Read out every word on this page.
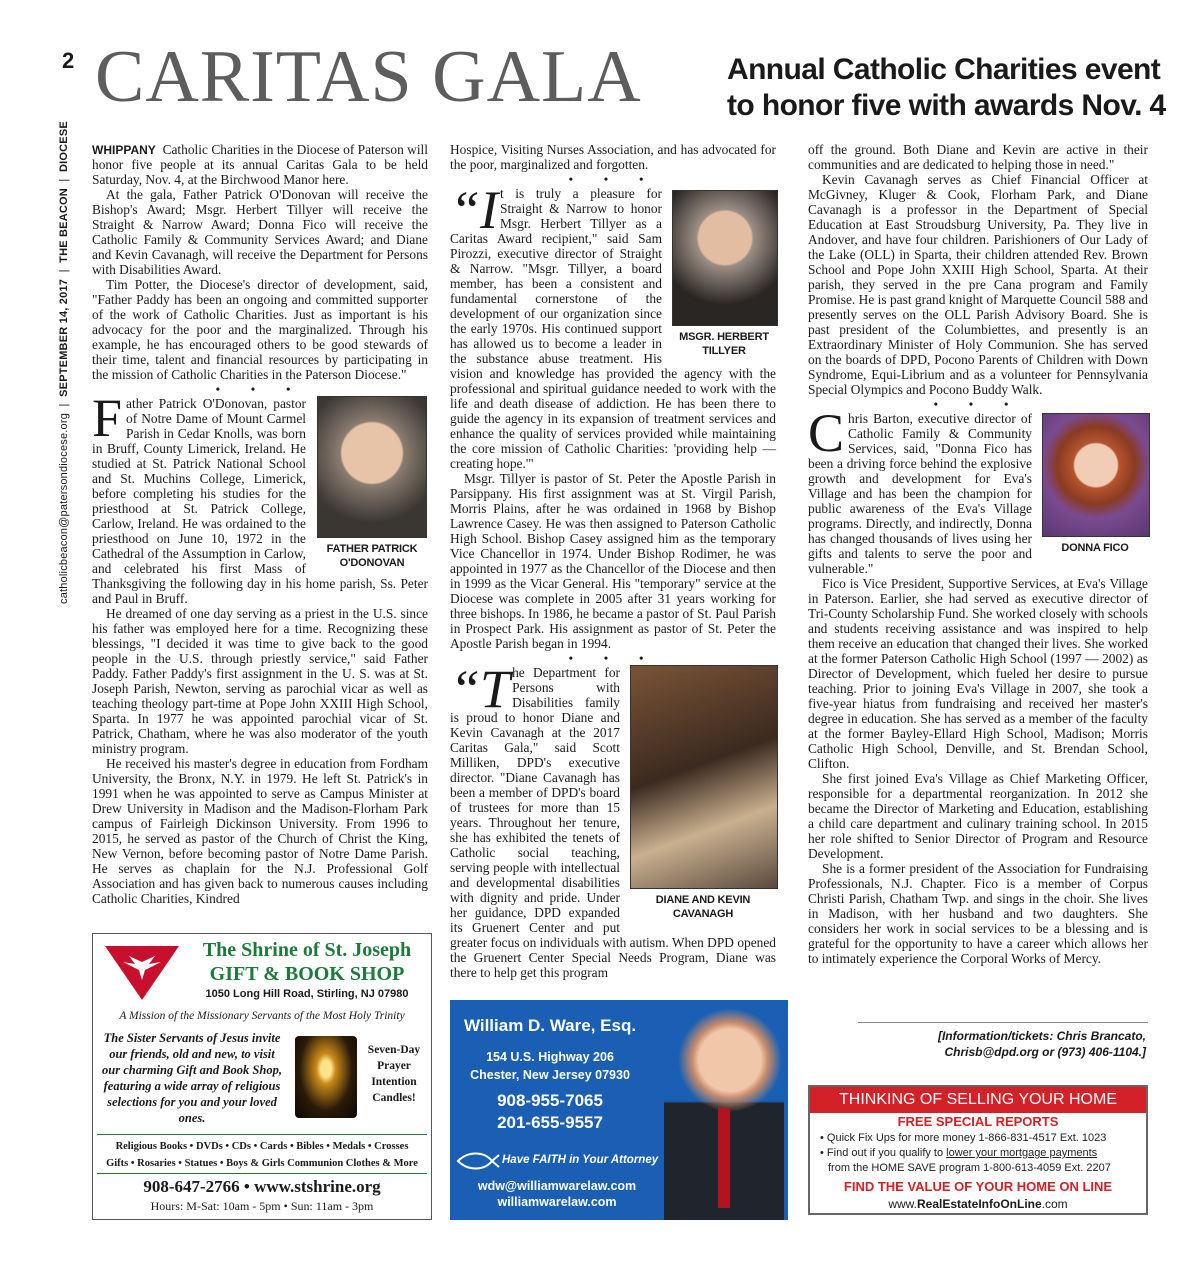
2
catholicbeacon@patersondiocese.org  |  SEPTEMBER 14, 2017  |  THE BEACON  |  DIOCESE
CARITAS GALA	Annual Catholic Charities event to honor five with awards Nov. 4

WHIPPANY Catholic Charities in the Diocese of Paterson will honor five people at its annual Caritas Gala to be held Saturday, Nov. 4, at the Birchwood Manor here.

At the gala, Father Patrick O'Donovan will receive the Bishop's Award; Msgr. Herbert Tillyer will receive the Straight & Narrow Award; Donna Fico will receive the Catholic Family & Community Services Award; and Diane and Kevin Cavanagh, will receive the Department for Persons with Disabilities Award.

Tim Potter, the Diocese's director of development, said, "Father Paddy has been an ongoing and committed supporter of the work of Catholic Charities. Just as important is his advocacy for the poor and the marginalized. Through his example, he has encouraged others to be good stewards of their time, talent and financial resources by participating in the mission of Catholic Charities in the Paterson Diocese."

• • •
FATHER PATRICK O'DONOVAN

Father Patrick O'Donovan, pastor of Notre Dame of Mount Carmel Parish in Cedar Knolls, was born in Bruff, County Limerick, Ireland. He studied at St. Patrick National School and St. Muchins College, Limerick, before completing his studies for the priesthood at St. Patrick College, Carlow, Ireland. He was ordained to the priesthood on June 10, 1972 in the Cathedral of the Assumption in Carlow, and celebrated his first Mass of Thanksgiving the following day in his home parish, Ss. Peter and Paul in Bruff.

He dreamed of one day serving as a priest in the U.S. since his father was employed here for a time. Recognizing these blessings, "I decided it was time to give back to the good people in the U.S. through priestly service," said Father Paddy. Father Paddy's first assignment in the U. S. was at St. Joseph Parish, Newton, serving as parochial vicar as well as teaching theology part-time at Pope John XXIII High School, Sparta. In 1977 he was appointed parochial vicar of St. Patrick, Chatham, where he was also moderator of the youth ministry program.

He received his master's degree in education from Fordham University, the Bronx, N.Y. in 1979. He left St. Patrick's in 1991 when he was appointed to serve as Campus Minister at Drew University in Madison and the Madison-Florham Park campus of Fairleigh Dickinson University. From 1996 to 2015, he served as pastor of the Church of Christ the King, New Vernon, before becoming pastor of Notre Dame Parish. He serves as chaplain for the N.J. Professional Golf Association and has given back to numerous causes including Catholic Charities, Kindred

Hospice, Visiting Nurses Association, and has advocated for the poor, marginalized and forgotten.

• • •
MSGR. HERBERT TILLYER

“It is truly a pleasure for Straight & Narrow to honor Msgr. Herbert Tillyer as a Caritas Award recipient," said Sam Pirozzi, executive director of Straight & Narrow. "Msgr. Tillyer, a board member, has been a consistent and fundamental cornerstone of the development of our organization since the early 1970s. His continued support has allowed us to become a leader in the substance abuse treatment. His vision and knowledge has provided the agency with the professional and spiritual guidance needed to work with the life and death disease of addiction. He has been there to guide the agency in its expansion of treatment services and enhance the quality of services provided while maintaining the core mission of Catholic Charities: 'providing help — creating hope.'"

Msgr. Tillyer is pastor of St. Peter the Apostle Parish in Parsippany. His first assignment was at St. Virgil Parish, Morris Plains, after he was ordained in 1968 by Bishop Lawrence Casey. He was then assigned to Paterson Catholic High School. Bishop Casey assigned him as the temporary Vice Chancellor in 1974. Under Bishop Rodimer, he was appointed in 1977 as the Chancellor of the Diocese and then in 1999 as the Vicar General. His "temporary" service at the Diocese was complete in 2005 after 31 years working for three bishops. In 1986, he became a pastor of St. Paul Parish in Prospect Park. His assignment as pastor of St. Peter the Apostle Parish began in 1994.

• • •
DIANE AND KEVIN CAVANAGH

“The Department for Persons with Disabilities family is proud to honor Diane and Kevin Cavanagh at the 2017 Caritas Gala," said Scott Milliken, DPD's executive director. "Diane Cavanagh has been a member of DPD's board of trustees for more than 15 years. Throughout her tenure, she has exhibited the tenets of Catholic social teaching, serving people with intellectual and developmental disabilities with dignity and pride. Under her guidance, DPD expanded its Gruenert Center and put greater focus on individuals with autism. When DPD opened the Gruenert Center Special Needs Program, Diane was there to help get this program

off the ground. Both Diane and Kevin are active in their communities and are dedicated to helping those in need."

Kevin Cavanagh serves as Chief Financial Officer at McGivney, Kluger & Cook, Florham Park, and Diane Cavanagh is a professor in the Department of Special Education at East Stroudsburg University, Pa. They live in Andover, and have four children. Parishioners of Our Lady of the Lake (OLL) in Sparta, their children attended Rev. Brown School and Pope John XXIII High School, Sparta. At their parish, they served in the pre Cana program and Family Promise. He is past grand knight of Marquette Council 588 and presently serves on the OLL Parish Advisory Board. She is past president of the Columbiettes, and presently is an Extraordinary Minister of Holy Communion. She has served on the boards of DPD, Pocono Parents of Children with Down Syndrome, Equi-Librium and as a volunteer for Pennsylvania Special Olympics and Pocono Buddy Walk.

• • •
DONNA FICO

Chris Barton, executive director of Catholic Family & Community Services, said, "Donna Fico has been a driving force behind the explosive growth and development for Eva's Village and has been the champion for public awareness of the Eva's Village programs. Directly, and indirectly, Donna has changed thousands of lives using her gifts and talents to serve the poor and vulnerable."

Fico is Vice President, Supportive Services, at Eva's Village in Paterson. Earlier, she had served as executive director of Tri-County Scholarship Fund. She worked closely with schools and students receiving assistance and was inspired to help them receive an education that changed their lives. She worked at the former Paterson Catholic High School (1997 — 2002) as Director of Development, which fueled her desire to pursue teaching. Prior to joining Eva's Village in 2007, she took a five-year hiatus from fundraising and received her master's degree in education. She has served as a member of the faculty at the former Bayley-Ellard High School, Madison; Morris Catholic High School, Denville, and St. Brendan School, Clifton.

She first joined Eva's Village as Chief Marketing Officer, responsible for a departmental reorganization. In 2012 she became the Director of Marketing and Education, establishing a child care department and culinary training school. In 2015 her role shifted to Senior Director of Program and Resource Development.

She is a former president of the Association for Fundraising Professionals, N.J. Chapter. Fico is a member of Corpus Christi Parish, Chatham Twp. and sings in the choir. She lives in Madison, with her husband and two daughters. She considers her work in social services to be a blessing and is grateful for the opportunity to have a career which allows her to intimately experience the Corporal Works of Mercy.

[Information/tickets: Chris Brancato,
Chrisb@dpd.org or (973) 406-1104.]
The Shrine of St. Joseph
GIFT & BOOK SHOP
1050 Long Hill Road, Stirling, NJ 07980
A Mission of the Missionary Servants of the Most Holy Trinity
The Sister Servants of Jesus invite our friends, old and new, to visit our charming Gift and Book Shop, featuring a wide array of religious selections for you and your loved ones.
Seven-Day Prayer Intention Candles!
Religious Books • DVDs • CDs • Cards • Bibles • Medals • Crosses
Gifts • Rosaries • Statues • Boys & Girls Communion Clothes & More
908-647-2766 • www.stshrine.org
Hours: M-Sat: 10am - 5pm • Sun: 11am - 3pm
William D. Ware, Esq.
154 U.S. Highway 206
Chester, New Jersey 07930
908-955-7065
201-655-9557
Have FAITH in Your Attorney
wdw@williamwarelaw.com
williamwarelaw.com
THINKING OF SELLING YOUR HOME
FREE SPECIAL REPORTS
• Quick Fix Ups for more money 1-866-831-4517 Ext. 1023
• Find out if you qualify to lower your mortgage payments
from the HOME SAVE program 1-800-613-4059 Ext. 2207
FIND THE VALUE OF YOUR HOME ON LINE
www.RealEstateInfoOnLine.com
